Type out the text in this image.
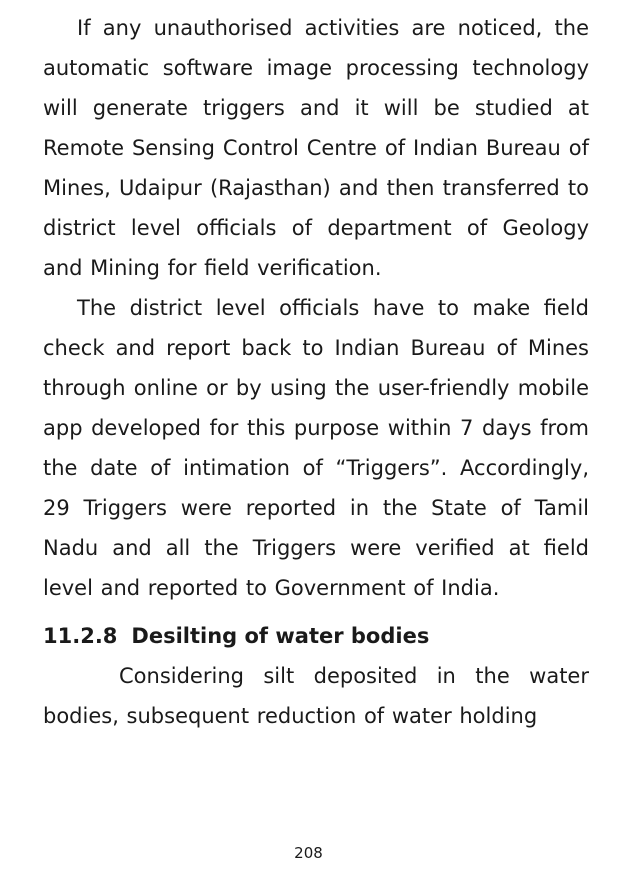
If any unauthorised activities are noticed, the automatic software image processing technology will generate triggers and it will be studied at Remote Sensing Control Centre of Indian Bureau of Mines, Udaipur (Rajasthan) and then transferred to district level officials of department of Geology and Mining for field verification.

The district level officials have to make field check and report back to Indian Bureau of Mines through online or by using the user-friendly mobile app developed for this purpose within 7 days from the date of intimation of “Triggers”. Accordingly, 29 Triggers were reported in the State of Tamil Nadu and all the Triggers were verified at field level and reported to Government of India.

11.2.8 Desilting of water bodies

Considering silt deposited in the water bodies, subsequent reduction of water holding

208
